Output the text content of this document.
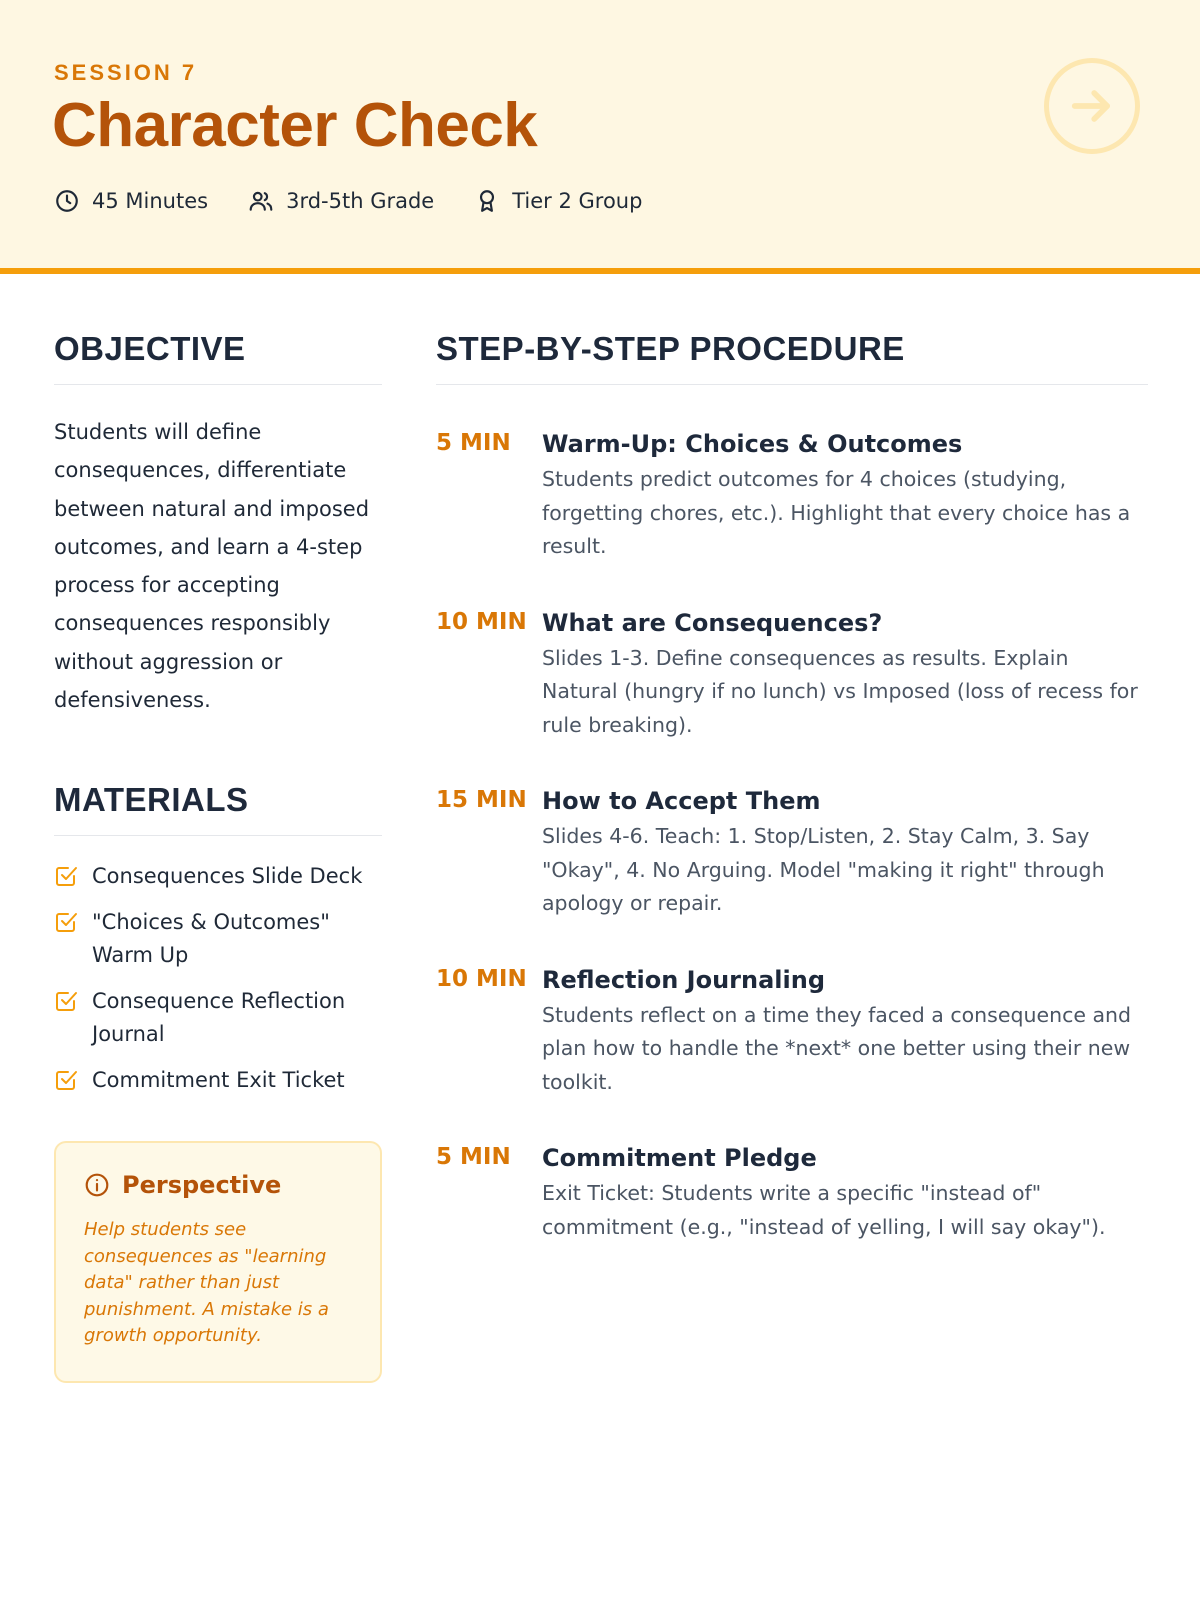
SESSION 7
Character Check
45 Minutes	3rd-5th Grade	Tier 2 Group
OBJECTIVE
Students will define consequences, differentiate between natural and imposed outcomes, and learn a 4-step process for accepting consequences responsibly without aggression or defensiveness.
MATERIALS
Consequences Slide Deck
"Choices & Outcomes" Warm Up
Consequence Reflection Journal
Commitment Exit Ticket
Perspective
Help students see consequences as "learning data" rather than just punishment. A mistake is a growth opportunity.
STEP-BY-STEP PROCEDURE
5 MIN	Warm-Up: Choices & Outcomes
Students predict outcomes for 4 choices (studying, forgetting chores, etc.). Highlight that every choice has a result.
10 MIN What are Consequences?
Slides 1-3. Define consequences as results. Explain Natural (hungry if no lunch) vs Imposed (loss of recess for rule breaking).
15 MIN How to Accept Them
Slides 4-6. Teach: 1. Stop/Listen, 2. Stay Calm, 3. Say "Okay", 4. No Arguing. Model "making it right" through apology or repair.
10 MIN Reflection Journaling
Students reflect on a time they faced a consequence and plan how to handle the *next* one better using their new toolkit.
5 MIN	Commitment Pledge
Exit Ticket: Students write a specific "instead of" commitment (e.g., "instead of yelling, I will say okay").
